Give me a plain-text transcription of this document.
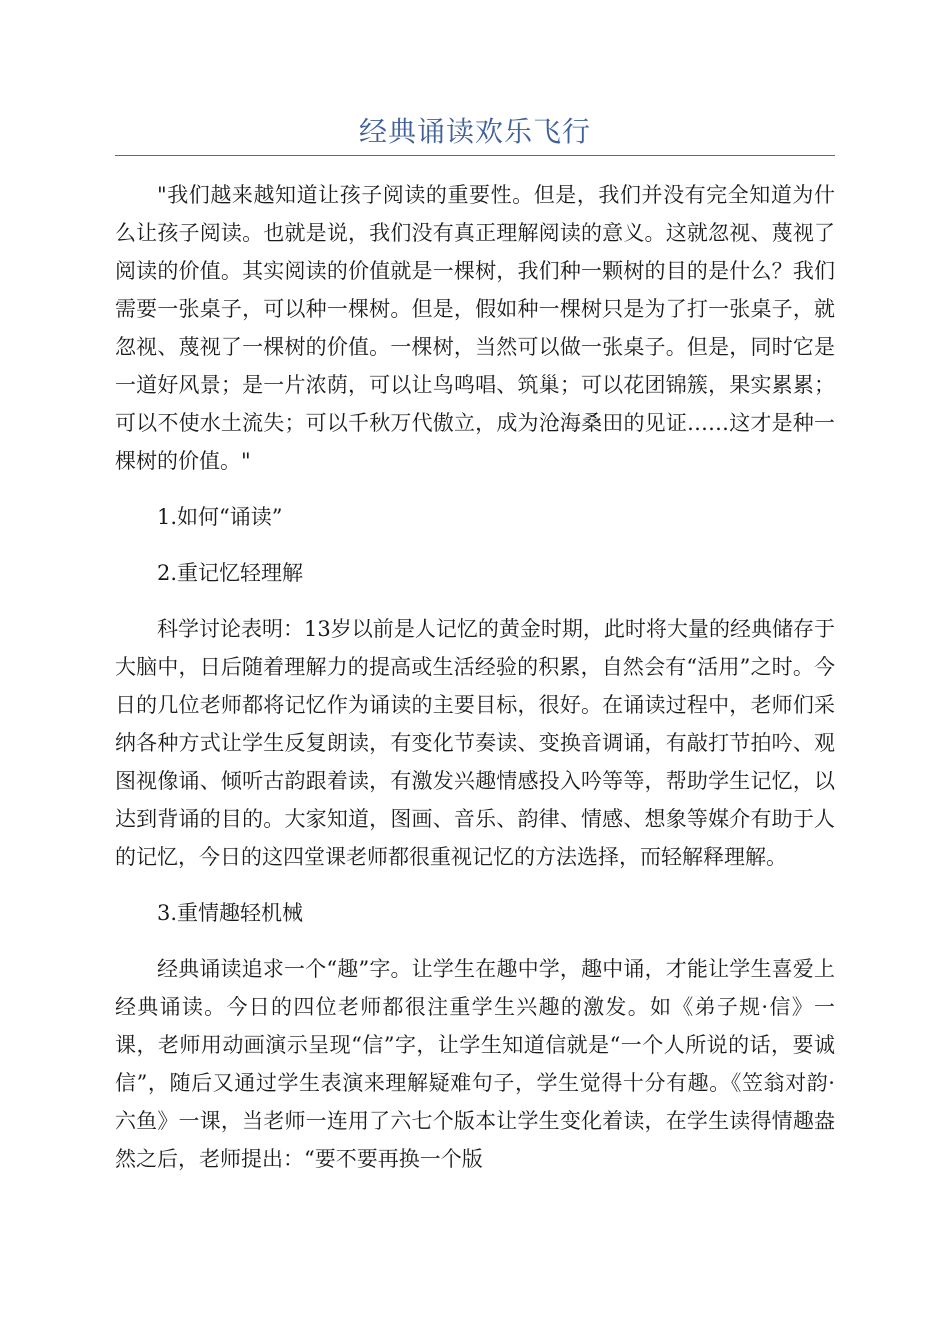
经典诵读欢乐飞行

"我们越来越知道让孩子阅读的重要性。但是，我们并没有完全知道为什么让孩子阅读。也就是说，我们没有真正理解阅读的意义。这就忽视、蔑视了阅读的价值。其实阅读的价值就是一棵树，我们种一颗树的目的是什么？我们需要一张桌子，可以种一棵树。但是，假如种一棵树只是为了打一张桌子，就忽视、蔑视了一棵树的价值。一棵树，当然可以做一张桌子。但是，同时它是一道好风景；是一片浓荫，可以让鸟鸣唱、筑巢；可以花团锦簇，果实累累；可以不使水土流失；可以千秋万代傲立，成为沧海桑田的见证……这才是种一棵树的价值。"

1.如何“诵读”

2.重记忆轻理解

科学讨论表明：13岁以前是人记忆的黄金时期，此时将大量的经典储存于大脑中，日后随着理解力的提高或生活经验的积累，自然会有“活用”之时。今日的几位老师都将记忆作为诵读的主要目标，很好。在诵读过程中，老师们采纳各种方式让学生反复朗读，有变化节奏读、变换音调诵，有敲打节拍吟、观图视像诵、倾听古韵跟着读，有激发兴趣情感投入吟等等，帮助学生记忆，以达到背诵的目的。大家知道，图画、音乐、韵律、情感、想象等媒介有助于人的记忆，今日的这四堂课老师都很重视记忆的方法选择，而轻解释理解。

3.重情趣轻机械

经典诵读追求一个“趣”字。让学生在趣中学，趣中诵，才能让学生喜爱上经典诵读。今日的四位老师都很注重学生兴趣的激发。如《弟子规·信》一课，老师用动画演示呈现“信”字，让学生知道信就是“一个人所说的话，要诚信”，随后又通过学生表演来理解疑难句子，学生觉得十分有趣。《笠翁对韵·六鱼》一课，当老师一连用了六七个版本让学生变化着读，在学生读得情趣盎然之后，老师提出：“要不要再换一个版
